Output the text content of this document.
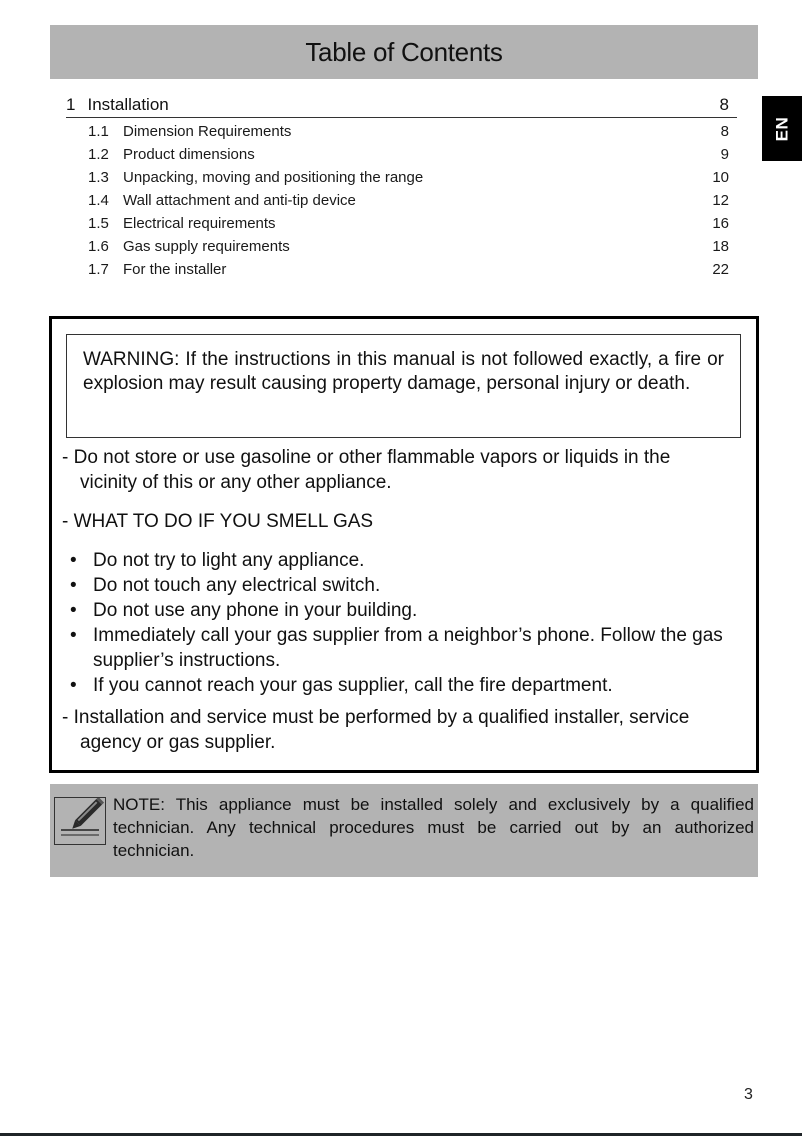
Table of Contents
EN
1 Installation	8
1.1 Dimension Requirements	8
1.2 Product dimensions	9
1.3 Unpacking, moving and positioning the range	10
1.4 Wall attachment and anti-tip device	12
1.5 Electrical requirements	16
1.6 Gas supply requirements	18
1.7 For the installer	22
WARNING: If the instructions in this manual is not followed exactly, a fire or explosion may result causing property damage, personal injury or death.
- Do not store or use gasoline or other flammable vapors or liquids in the
vicinity of this or any other appliance.
- WHAT TO DO IF YOU SMELL GAS
• Do not try to light any appliance.
• Do not touch any electrical switch.
• Do not use any phone in your building.
• Immediately call your gas supplier from a neighbor’s phone. Follow the gas supplier’s instructions.
• If you cannot reach your gas supplier, call the fire department.
- Installation and service must be performed by a qualified installer, service
agency or gas supplier.
NOTE: This appliance must be installed solely and exclusively by a qualified technician. Any technical procedures must be carried out by an authorized technician.
3
